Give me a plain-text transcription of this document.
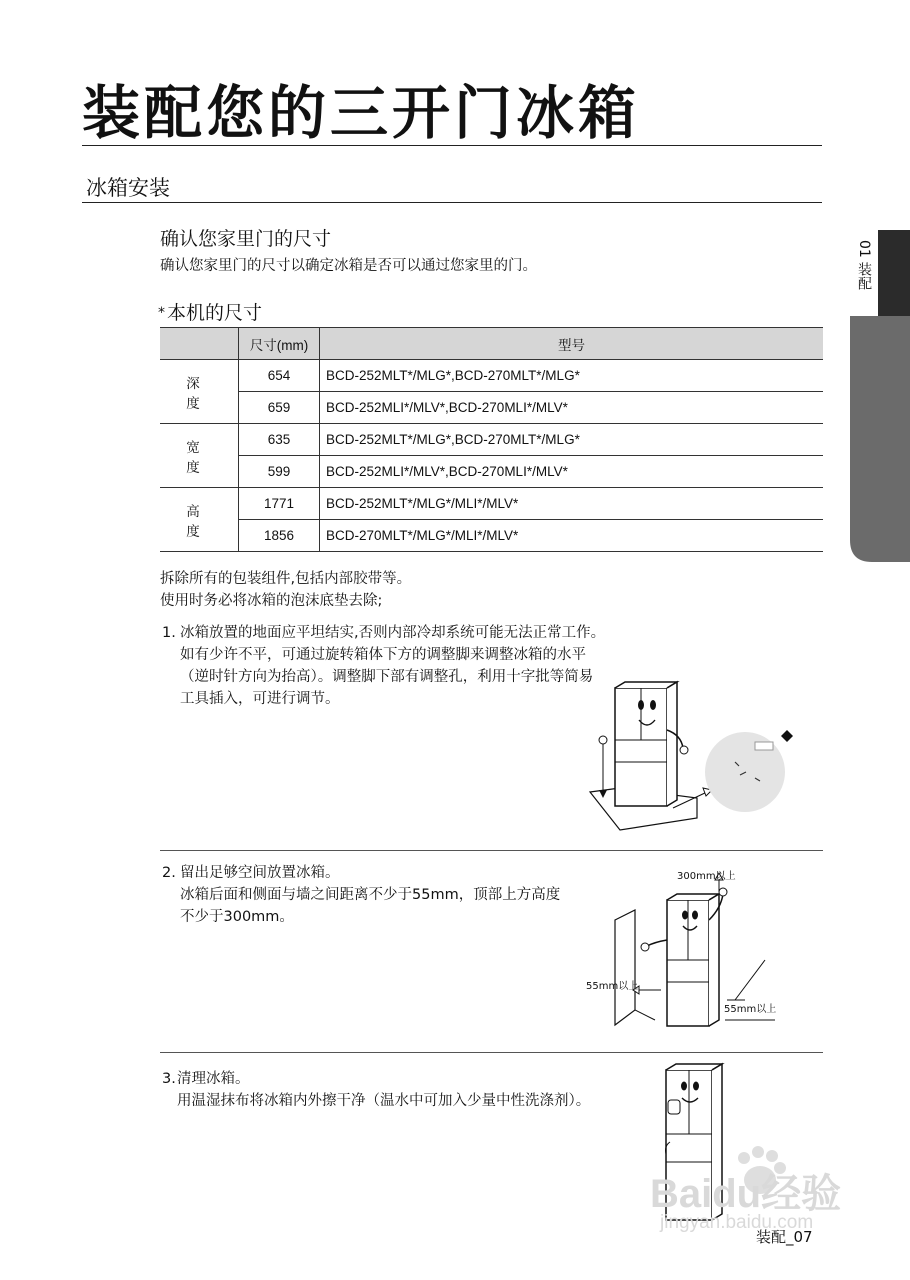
装配您的三开门冰箱
冰箱安装
01 装配
确认您家里门的尺寸
确认您家里门的尺寸以确定冰箱是否可以通过您家里的门。
* 本机的尺寸
	尺寸(mm)	型号
深 度	654	BCD-252MLT*/MLG*,BCD-270MLT*/MLG*
	659	BCD-252MLI*/MLV*,BCD-270MLI*/MLV*
宽 度	635	BCD-252MLT*/MLG*,BCD-270MLT*/MLG*
	599	BCD-252MLI*/MLV*,BCD-270MLI*/MLV*
高 度	1771	BCD-252MLT*/MLG*/MLI*/MLV*
	1856	BCD-270MLT*/MLG*/MLI*/MLV*
拆除所有的包装组件,包括内部胶带等。
使用时务必将冰箱的泡沫底垫去除;
1. 冰箱放置的地面应平坦结实,否则内部冷却系统可能无法正常工作。
如有少许不平，可通过旋转箱体下方的调整脚来调整冰箱的水平
（逆时针方向为抬高）。调整脚下部有调整孔，利用十字批等简易
工具插入，可进行调节。
2. 留出足够空间放置冰箱。
冰箱后面和侧面与墙之间距离不少于55mm，顶部上方高度
不少于300mm。
300mm以上
55mm以上
55mm以上
3. 清理冰箱。
用温湿抹布将冰箱内外擦干净（温水中可加入少量中性洗涤剂）。
Baidu经验
jingyan.baidu.com
装配_07
